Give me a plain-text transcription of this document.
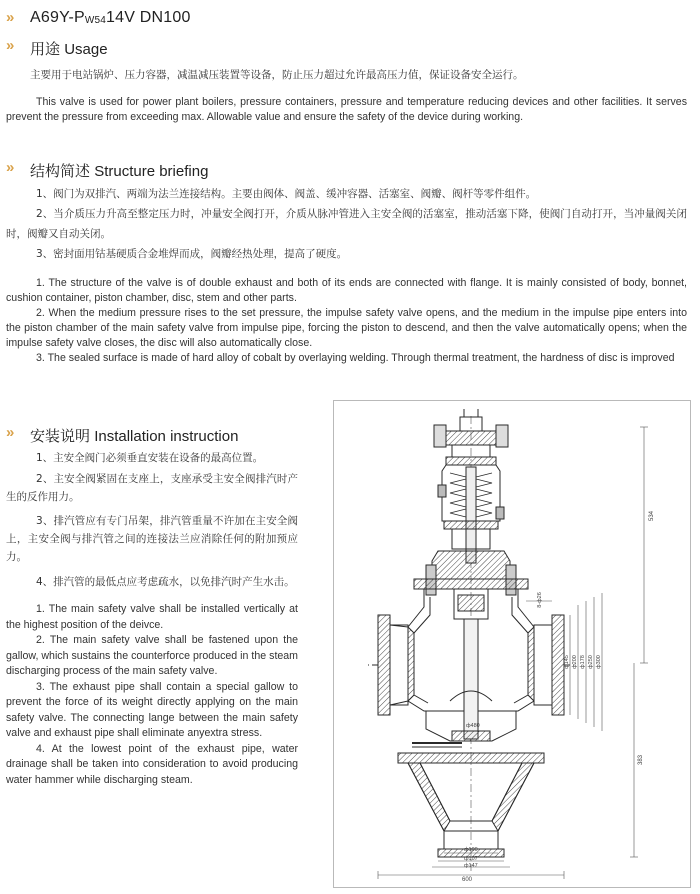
» $A69Y-P_{W54}14V$ DN100
» 用途 Usage
主要用于电站锅炉、压力容器，减温减压装置等设备，防止压力超过允许最高压力值，保证设备安全运行。

This valve is used for power plant boilers, pressure containers, pressure and temperature reducing devices and other facilities. It serves prevent the pressure from exceeding max. Allowable value and ensure the safety of the device during working.

» 结构简述 Structure briefing

1、阀门为双排汽、两端为法兰连接结构。主要由阀体、阀盖、缓冲容器、活塞室、阀瓣、阀杆等零件组件。

2、当介质压力升高至整定压力时，冲量安全阀打开，介质从脉冲管进入主安全阀的活塞室，推动活塞下降，使阀门自动打开，当冲量阀关闭时，阀瓣又自动关闭。

3、密封面用钴基硬质合金堆焊而成，阀瓣经热处理，提高了硬度。

1. The structure of the valve is of double exhaust and both of its ends are connected with flange. It is mainly consisted of body, bonnet, cushion container, piston chamber, disc, stem and other parts.

2. When the medium pressure rises to the set pressure, the impulse safety valve opens, and the medium in the impulse pipe enters into the piston chamber of the main safety valve from impulse pipe, forcing the piston to descend, and then the valve automatically opens; when the impulse safety valve closes, the disc will also automatically close.

3. The sealed surface is made of hard alloy of cobalt by overlaying welding. Through thermal treatment, the hardness of disc is improved

» 安装说明 Installation instruction

1、主安全阀门必须垂直安装在设备的最高位置。

2、主安全阀紧固在支座上，支座承受主安全阀排汽时产生的反作用力。

3、排汽管应有专门吊架，排汽管重量不许加在主安全阀上，主安全阀与排汽管之间的连接法兰应消除任何的附加预应力。

4、排汽管的最低点应考虑疏水，以免排汽时产生水击。

1. The main safety valve shall be installed vertically at the highest position of the deivce.

2. The main safety valve shall be fastened upon the gallow, which sustains the counterforce produced in the steam discharging process of the main safety valve.

3. The exhaust pipe shall contain a special gallow to prevent the force of its weight directly applying on the main safety valve. The connecting lange between the main safety valve and exhaust pipe shall eliminate anyextra stress.

4. At the lowest point of the exhaust pipe, water drainage shall be taken into consideration to avoid producing water hammer while discharging steam.

534
383
600
ф145 ф200 ф178 ф250 ф300
ф480
ф100
ф107
ф147
8-ф26
